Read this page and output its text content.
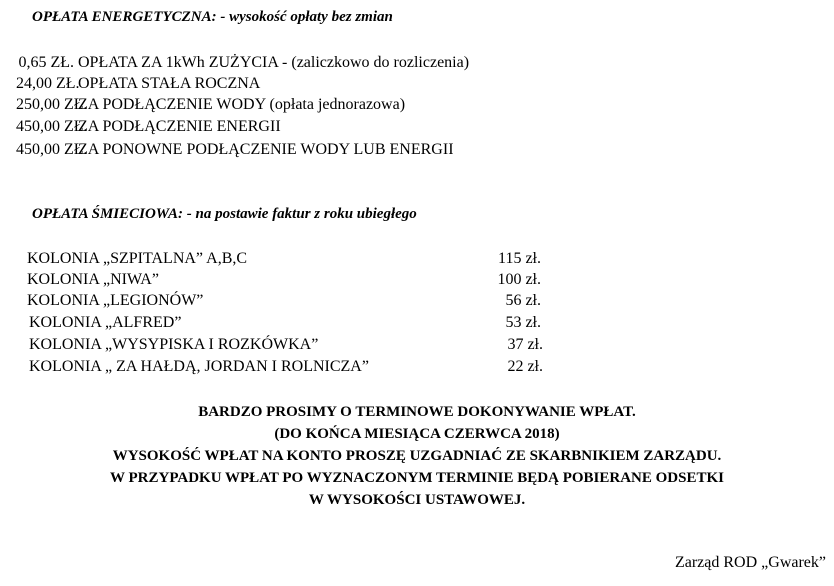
OPŁATA ENERGETYCZNA: - wysokość opłaty bez zmian
0,65 ZŁ. OPŁATA ZA 1kWh ZUŻYCIA - (zaliczkowo do rozliczenia)
24,00 ZŁ. OPŁATA STAŁA ROCZNA
250,00 ZŁ. ZA PODŁĄCZENIE WODY (opłata jednorazowa)
450,00 ZŁ. ZA PODŁĄCZENIE ENERGII
450,00 ZŁ. ZA PONOWNE PODŁĄCZENIE WODY LUB ENERGII
OPŁATA ŚMIECIOWA: - na postawie faktur z roku ubiegłego
KOLONIA „SZPITALNA” A,B,C	115 zł.
KOLONIA „NIWA”	100 zł.
KOLONIA „LEGIONÓW”	56 zł.
KOLONIA „ALFRED”	53 zł.
KOLONIA „WYSYPISKA I ROZKÓWKA”	37 zł.
KOLONIA „ ZA HAŁDĄ, JORDAN I ROLNICZA”	22 zł.
BARDZO PROSIMY O TERMINOWE DOKONYWANIE WPŁAT.
(DO KOŃCA MIESIĄCA CZERWCA 2018)
WYSOKOŚĆ WPŁAT NA KONTO PROSZĘ UZGADNIAĆ ZE SKARBNIKIEM ZARZĄDU.
W PRZYPADKU WPŁAT PO WYZNACZONYM TERMINIE BĘDĄ POBIERANE ODSETKI
W WYSOKOŚCI USTAWOWEJ.
Zarząd ROD „Gwarek”
